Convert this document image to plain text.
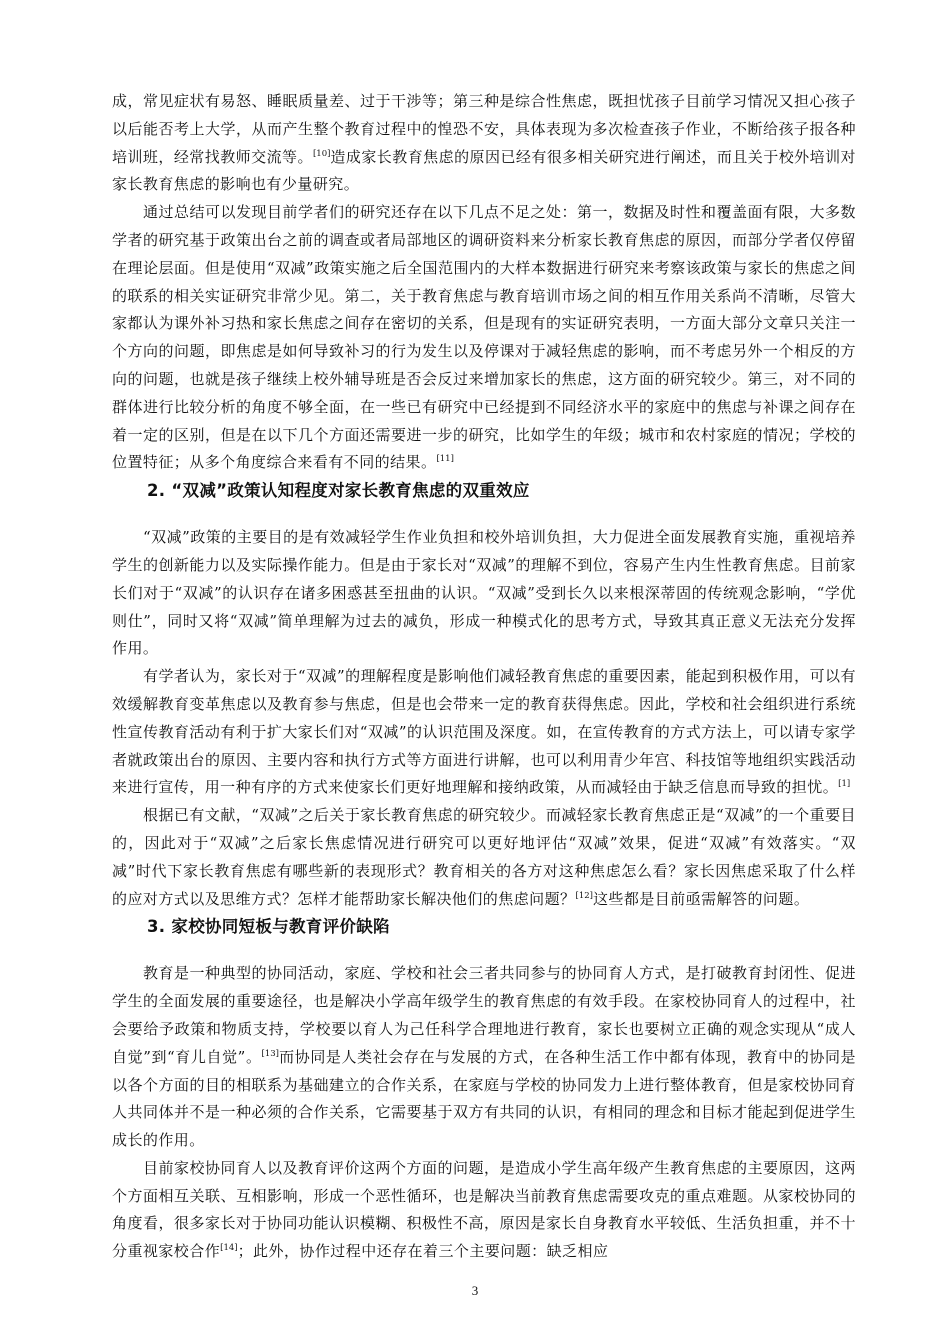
成，常见症状有易怒、睡眠质量差、过于干涉等；第三种是综合性焦虑，既担忧孩子目前学习情况又担心孩子以后能否考上大学，从而产生整个教育过程中的惶恐不安，具体表现为多次检查孩子作业，不断给孩子报各种培训班，经常找教师交流等。[10]造成家长教育焦虑的原因已经有很多相关研究进行阐述，而且关于校外培训对家长教育焦虑的影响也有少量研究。

通过总结可以发现目前学者们的研究还存在以下几点不足之处：第一，数据及时性和覆盖面有限，大多数学者的研究基于政策出台之前的调查或者局部地区的调研资料来分析家长教育焦虑的原因，而部分学者仅停留在理论层面。但是使用“双减”政策实施之后全国范围内的大样本数据进行研究来考察该政策与家长的焦虑之间的联系的相关实证研究非常少见。第二，关于教育焦虑与教育培训市场之间的相互作用关系尚不清晰，尽管大家都认为课外补习热和家长焦虑之间存在密切的关系，但是现有的实证研究表明，一方面大部分文章只关注一个方向的问题，即焦虑是如何导致补习的行为发生以及停课对于减轻焦虑的影响，而不考虑另外一个相反的方向的问题，也就是孩子继续上校外辅导班是否会反过来增加家长的焦虑，这方面的研究较少。第三，对不同的群体进行比较分析的角度不够全面，在一些已有研究中已经提到不同经济水平的家庭中的焦虑与补课之间存在着一定的区别，但是在以下几个方面还需要进一步的研究，比如学生的年级；城市和农村家庭的情况；学校的位置特征；从多个角度综合来看有不同的结果。[11]

2. “双减”政策认知程度对家长教育焦虑的双重效应

“双减”政策的主要目的是有效减轻学生作业负担和校外培训负担，大力促进全面发展教育实施，重视培养学生的创新能力以及实际操作能力。但是由于家长对“双减”的理解不到位，容易产生内生性教育焦虑。目前家长们对于“双减”的认识存在诸多困惑甚至扭曲的认识。“双减”受到长久以来根深蒂固的传统观念影响，“学优则仕”，同时又将“双减”简单理解为过去的减负，形成一种模式化的思考方式，导致其真正意义无法充分发挥作用。

有学者认为，家长对于“双减”的理解程度是影响他们减轻教育焦虑的重要因素，能起到积极作用，可以有效缓解教育变革焦虑以及教育参与焦虑，但是也会带来一定的教育获得焦虑。因此，学校和社会组织进行系统性宣传教育活动有利于扩大家长们对“双减”的认识范围及深度。如，在宣传教育的方式方法上，可以请专家学者就政策出台的原因、主要内容和执行方式等方面进行讲解，也可以利用青少年宫、科技馆等地组织实践活动来进行宣传，用一种有序的方式来使家长们更好地理解和接纳政策，从而减轻由于缺乏信息而导致的担忧。[1]

根据已有文献，“双减”之后关于家长教育焦虑的研究较少。而减轻家长教育焦虑正是“双减”的一个重要目的，因此对于“双减”之后家长焦虑情况进行研究可以更好地评估“双减”效果，促进“双减”有效落实。“双减”时代下家长教育焦虑有哪些新的表现形式？教育相关的各方对这种焦虑怎么看？家长因焦虑采取了什么样的应对方式以及思维方式？怎样才能帮助家长解决他们的焦虑问题？[12]这些都是目前亟需解答的问题。

3. 家校协同短板与教育评价缺陷

教育是一种典型的协同活动，家庭、学校和社会三者共同参与的协同育人方式，是打破教育封闭性、促进学生的全面发展的重要途径，也是解决小学高年级学生的教育焦虑的有效手段。在家校协同育人的过程中，社会要给予政策和物质支持，学校要以育人为己任科学合理地进行教育，家长也要树立正确的观念实现从“成人自觉”到“育儿自觉”。[13]而协同是人类社会存在与发展的方式，在各种生活工作中都有体现，教育中的协同是以各个方面的目的相联系为基础建立的合作关系，在家庭与学校的协同发力上进行整体教育，但是家校协同育人共同体并不是一种必须的合作关系，它需要基于双方有共同的认识，有相同的理念和目标才能起到促进学生成长的作用。

目前家校协同育人以及教育评价这两个方面的问题，是造成小学生高年级产生教育焦虑的主要原因，这两个方面相互关联、互相影响，形成一个恶性循环，也是解决当前教育焦虑需要攻克的重点难题。从家校协同的角度看，很多家长对于协同功能认识模糊、积极性不高，原因是家长自身教育水平较低、生活负担重，并不十分重视家校合作[14]；此外，协作过程中还存在着三个主要问题：缺乏相应

3
